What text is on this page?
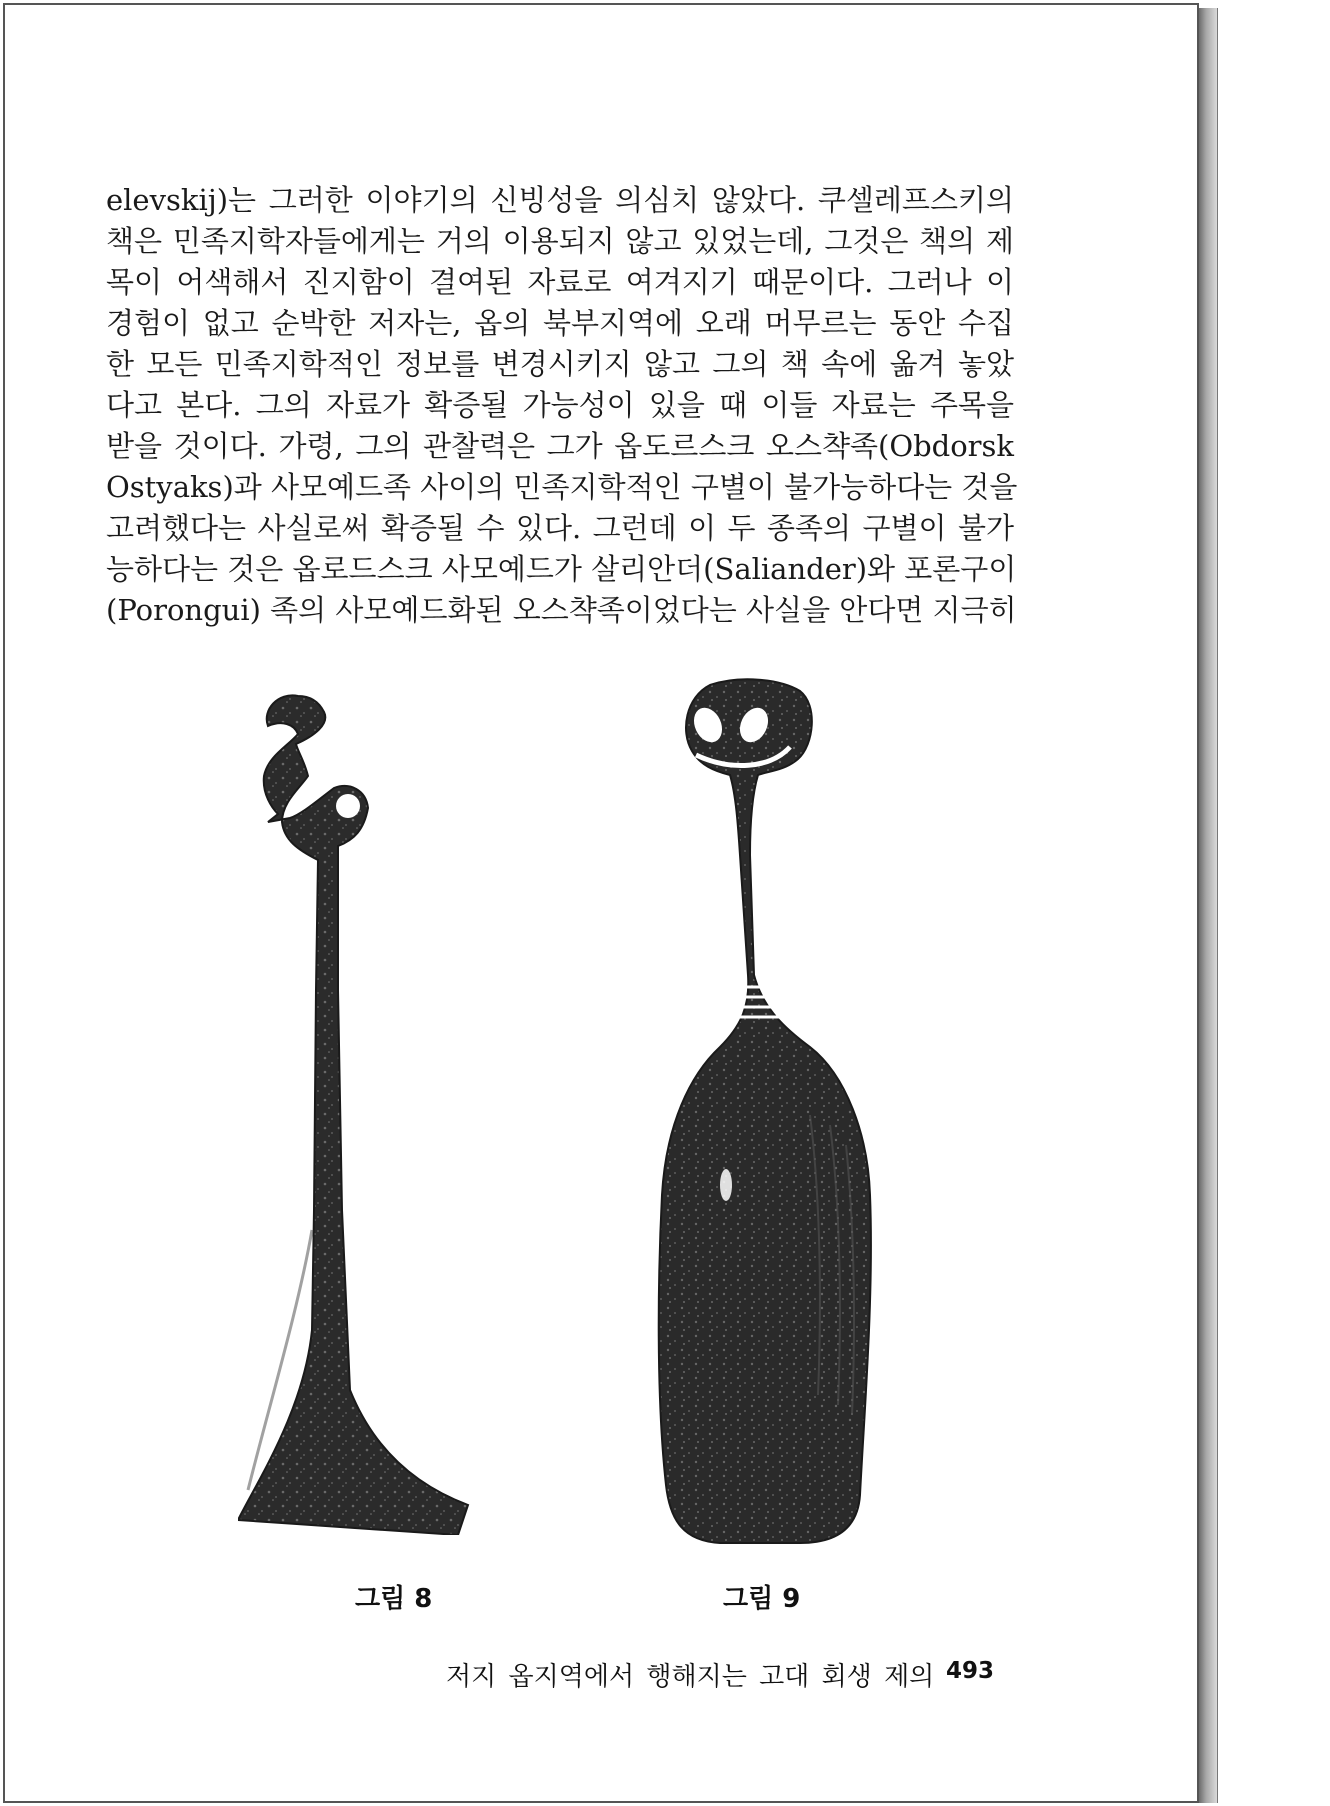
elevskij)는 그러한 이야기의 신빙성을 의심치 않았다. 쿠셀레프스키의
책은 민족지학자들에게는 거의 이용되지 않고 있었는데, 그것은 책의 제
목이 어색해서 진지함이 결여된 자료로 여겨지기 때문이다. 그러나 이
경험이 없고 순박한 저자는, 옵의 북부지역에 오래 머무르는 동안 수집
한 모든 민족지학적인 정보를 변경시키지 않고 그의 책 속에 옮겨 놓았
다고 본다. 그의 자료가 확증될 가능성이 있을 때 이들 자료는 주목을
받을 것이다. 가령, 그의 관찰력은 그가 옵도르스크 오스챡족(Obdorsk
Ostyaks)과 사모예드족 사이의 민족지학적인 구별이 불가능하다는 것을
고려했다는 사실로써 확증될 수 있다. 그런데 이 두 종족의 구별이 불가
능하다는 것은 옵로드스크 사모예드가 살리안더(Saliander)와 포론구이
(Porongui) 족의 사모예드화된 오스챡족이었다는 사실을 안다면 지극히
그림 8	그림 9
저지 옵지역에서 행해지는 고대 회생 제의 493
